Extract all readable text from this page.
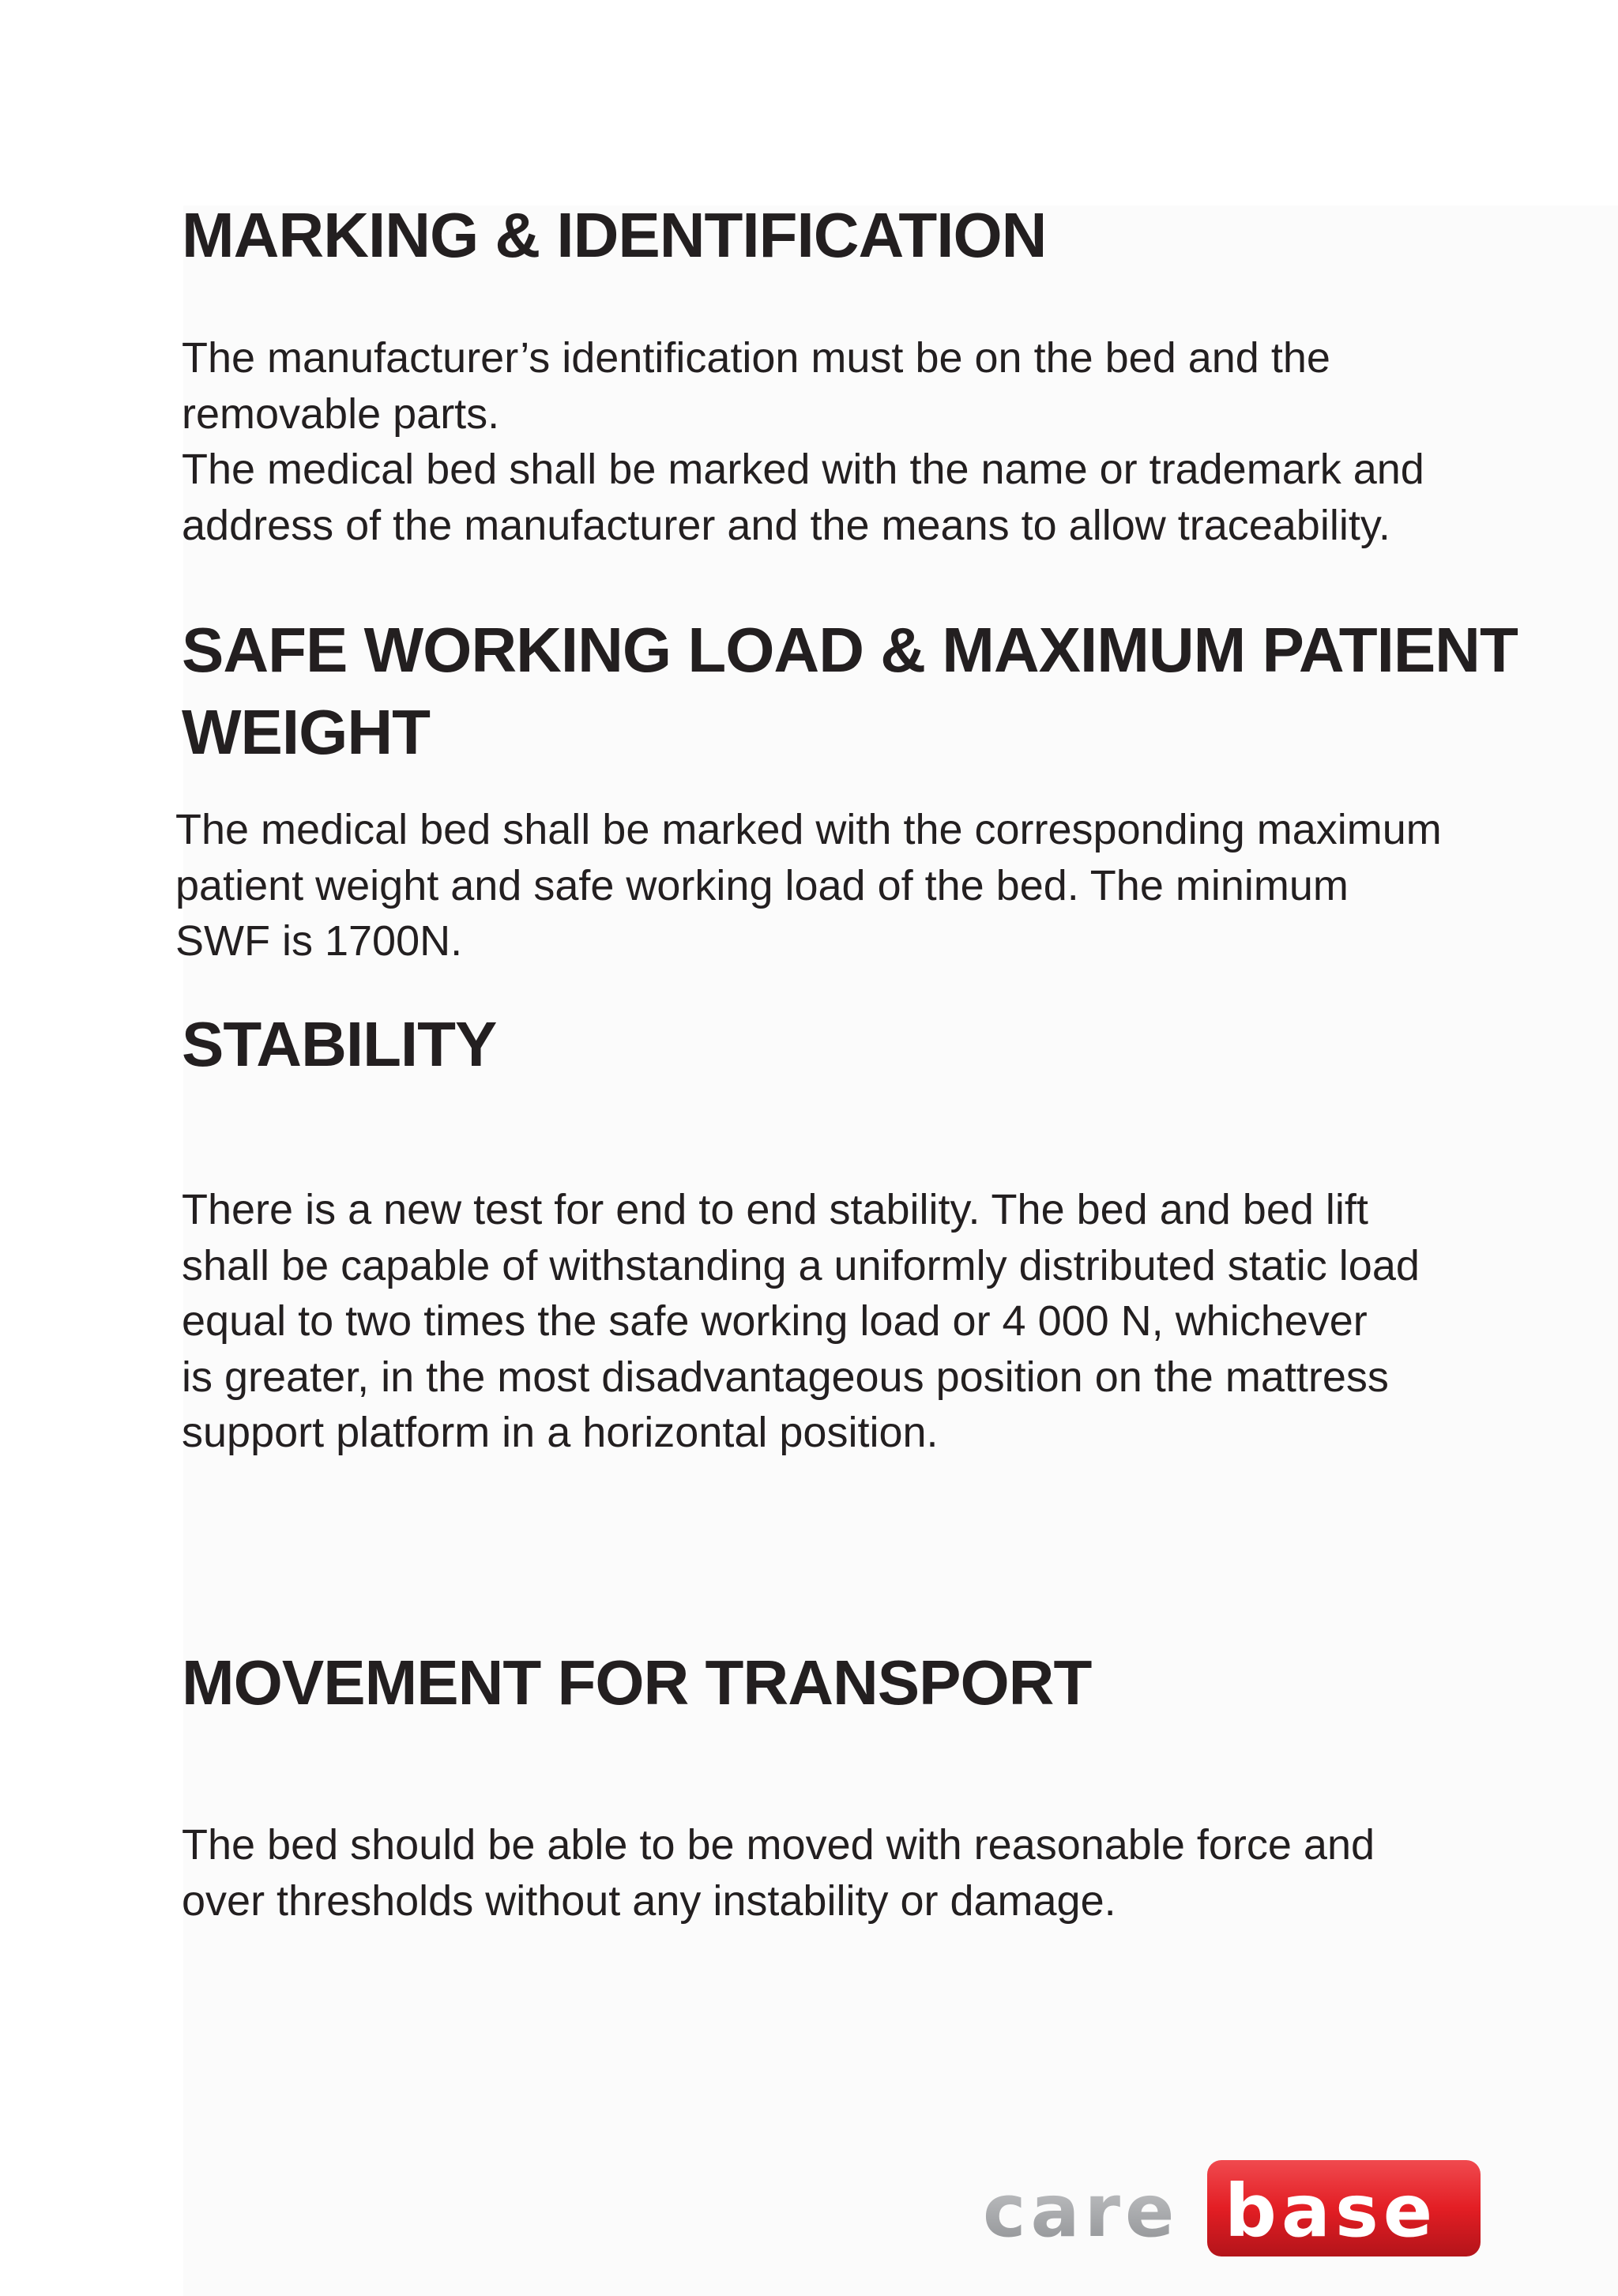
MARKING & IDENTIFICATION

The manufacturer’s identification must be on the bed and the
removable parts.
The medical bed shall be marked with the name or trademark and
address of the manufacturer and the means to allow traceability.

SAFE WORKING LOAD & MAXIMUM PATIENT
WEIGHT

The medical bed shall be marked with the corresponding maximum
patient weight and safe working load of the bed. The minimum
SWF is 1700N.

STABILITY

There is a new test for end to end stability. The bed and bed lift
shall be capable of withstanding a uniformly distributed static load
equal to two times the safe working load or 4 000 N, whichever
is greater, in the most disadvantageous position on the mattress
support platform in a horizontal position.

MOVEMENT FOR TRANSPORT

The bed should be able to be moved with reasonable force and
over thresholds without any instability or damage.

care base
